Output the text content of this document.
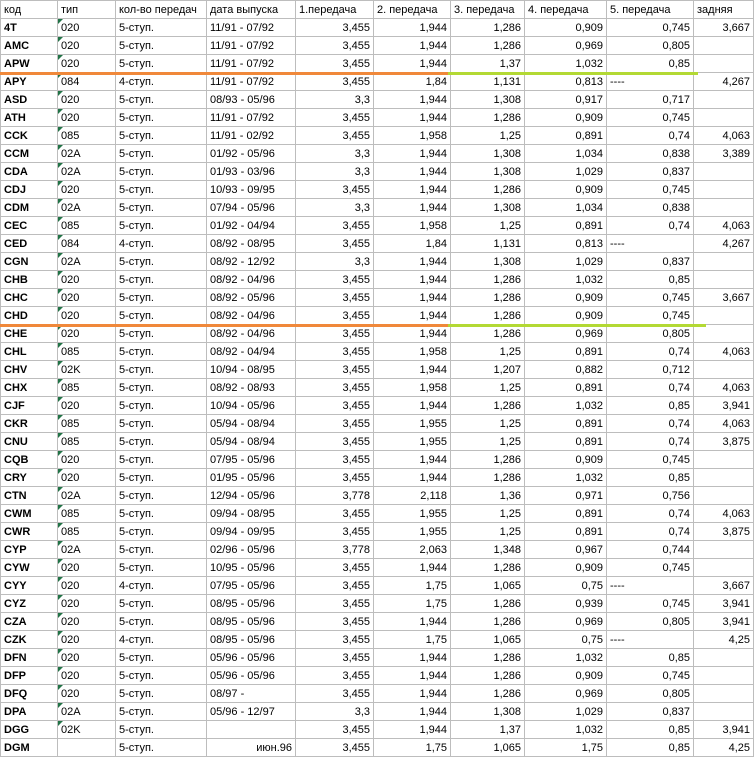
код	тип	кол-во передач	дата выпуска	1.передача	2. передача	3. передача	4. передача	5. передача	задняя
4T	020	5-ступ.	11/91 - 07/92	3,455	1,944	1,286	0,909	0,745	3,667
AMC	020	5-ступ.	11/91 - 07/92	3,455	1,944	1,286	0,969	0,805	
APW	020	5-ступ.	11/91 - 07/92	3,455	1,944	1,37	1,032	0,85	
APY	084	4-ступ.	11/91 - 07/92	3,455	1,84	1,131	0,813	----	4,267
ASD	020	5-ступ.	08/93 - 05/96	3,3	1,944	1,308	0,917	0,717	
ATH	020	5-ступ.	11/91 - 07/92	3,455	1,944	1,286	0,909	0,745	
CCK	085	5-ступ.	11/91 - 02/92	3,455	1,958	1,25	0,891	0,74	4,063
CCM	02A	5-ступ.	01/92 - 05/96	3,3	1,944	1,308	1,034	0,838	3,389
CDA	02A	5-ступ.	01/93 - 03/96	3,3	1,944	1,308	1,029	0,837	
CDJ	020	5-ступ.	10/93 - 09/95	3,455	1,944	1,286	0,909	0,745	
CDM	02A	5-ступ.	07/94 - 05/96	3,3	1,944	1,308	1,034	0,838	
CEC	085	5-ступ.	01/92 - 04/94	3,455	1,958	1,25	0,891	0,74	4,063
CED	084	4-ступ.	08/92 - 08/95	3,455	1,84	1,131	0,813	----	4,267
CGN	02A	5-ступ.	08/92 - 12/92	3,3	1,944	1,308	1,029	0,837	
CHB	020	5-ступ.	08/92 - 04/96	3,455	1,944	1,286	1,032	0,85	
CHC	020	5-ступ.	08/92 - 05/96	3,455	1,944	1,286	0,909	0,745	3,667
CHD	020	5-ступ.	08/92 - 04/96	3,455	1,944	1,286	0,909	0,745	
CHE	020	5-ступ.	08/92 - 04/96	3,455	1,944	1,286	0,969	0,805	
CHL	085	5-ступ.	08/92 - 04/94	3,455	1,958	1,25	0,891	0,74	4,063
CHV	02K	5-ступ.	10/94 - 08/95	3,455	1,944	1,207	0,882	0,712	
CHX	085	5-ступ.	08/92 - 08/93	3,455	1,958	1,25	0,891	0,74	4,063
CJF	020	5-ступ.	10/94 - 05/96	3,455	1,944	1,286	1,032	0,85	3,941
CKR	085	5-ступ.	05/94 - 08/94	3,455	1,955	1,25	0,891	0,74	4,063
CNU	085	5-ступ.	05/94 - 08/94	3,455	1,955	1,25	0,891	0,74	3,875
CQB	020	5-ступ.	07/95 - 05/96	3,455	1,944	1,286	0,909	0,745	
CRY	020	5-ступ.	01/95 - 05/96	3,455	1,944	1,286	1,032	0,85	
CTN	02A	5-ступ.	12/94 - 05/96	3,778	2,118	1,36	0,971	0,756	
CWM	085	5-ступ.	09/94 - 08/95	3,455	1,955	1,25	0,891	0,74	4,063
CWR	085	5-ступ.	09/94 - 09/95	3,455	1,955	1,25	0,891	0,74	3,875
CYP	02A	5-ступ.	02/96 - 05/96	3,778	2,063	1,348	0,967	0,744	
CYW	020	5-ступ.	10/95 - 05/96	3,455	1,944	1,286	0,909	0,745	
CYY	020	4-ступ.	07/95 - 05/96	3,455	1,75	1,065	0,75	----	3,667
CYZ	020	5-ступ.	08/95 - 05/96	3,455	1,75	1,286	0,939	0,745	3,941
CZA	020	5-ступ.	08/95 - 05/96	3,455	1,944	1,286	0,969	0,805	3,941
CZK	020	4-ступ.	08/95 - 05/96	3,455	1,75	1,065	0,75	----	4,25
DFN	020	5-ступ.	05/96 - 05/96	3,455	1,944	1,286	1,032	0,85	
DFP	020	5-ступ.	05/96 - 05/96	3,455	1,944	1,286	0,909	0,745	
DFQ	020	5-ступ.	08/97 -	3,455	1,944	1,286	0,969	0,805	
DPA	02A	5-ступ.	05/96 - 12/97	3,3	1,944	1,308	1,029	0,837	
DGG	02K	5-ступ.		3,455	1,944	1,37	1,032	0,85	3,941
DGM		5-ступ.	июн.96	3,455	1,75	1,065	1,75	0,85	4,25
